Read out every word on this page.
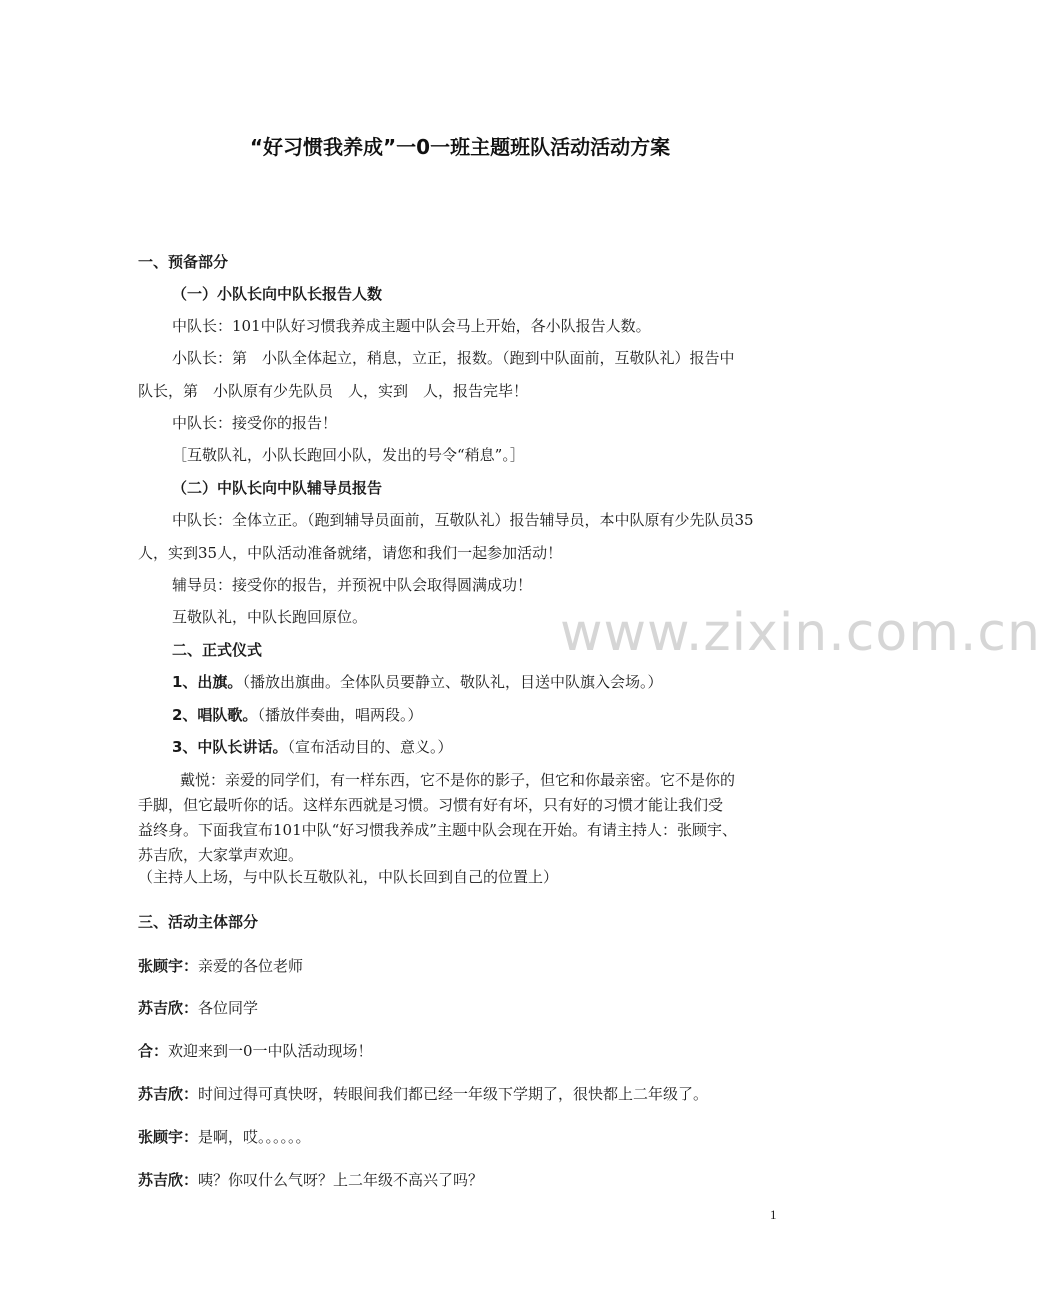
“好习惯我养成”一0一班主题班队活动活动方案
一、预备部分
（一）小队长向中队长报告人数
中队长：101中队好习惯我养成主题中队会马上开始，各小队报告人数。
小队长：第　小队全体起立，稍息，立正，报数。（跑到中队面前，互敬队礼）报告中
队长，第　小队原有少先队员　人，实到　人，报告完毕！
中队长：接受你的报告！
［互敬队礼，小队长跑回小队，发出的号令“稍息”。］
（二）中队长向中队辅导员报告
中队长：全体立正。（跑到辅导员面前，互敬队礼）报告辅导员，本中队原有少先队员35
人，实到35人，中队活动准备就绪，请您和我们一起参加活动！
辅导员：接受你的报告，并预祝中队会取得圆满成功！
互敬队礼，中队长跑回原位。	www.zixin.com.cn
二、正式仪式
1、出旗。（播放出旗曲。全体队员要静立、敬队礼，目送中队旗入会场。）
2、唱队歌。（播放伴奏曲，唱两段。）
3、中队长讲话。（宣布活动目的、意义。）
戴悦：亲爱的同学们，有一样东西，它不是你的影子，但它和你最亲密。它不是你的
手脚，但它最听你的话。这样东西就是习惯。习惯有好有坏，只有好的习惯才能让我们受
益终身。下面我宣布101中队“好习惯我养成”主题中队会现在开始。有请主持人：张顾宇、
苏吉欣，大家掌声欢迎。
（主持人上场，与中队长互敬队礼，中队长回到自己的位置上）
三、活动主体部分
张顾宇：亲爱的各位老师
苏吉欣：各位同学
合：欢迎来到一0一中队活动现场！
苏吉欣：时间过得可真快呀，转眼间我们都已经一年级下学期了，很快都上二年级了。
张顾宇：是啊，哎。。。。。。
苏吉欣：咦？你叹什么气呀？上二年级不高兴了吗？
1
